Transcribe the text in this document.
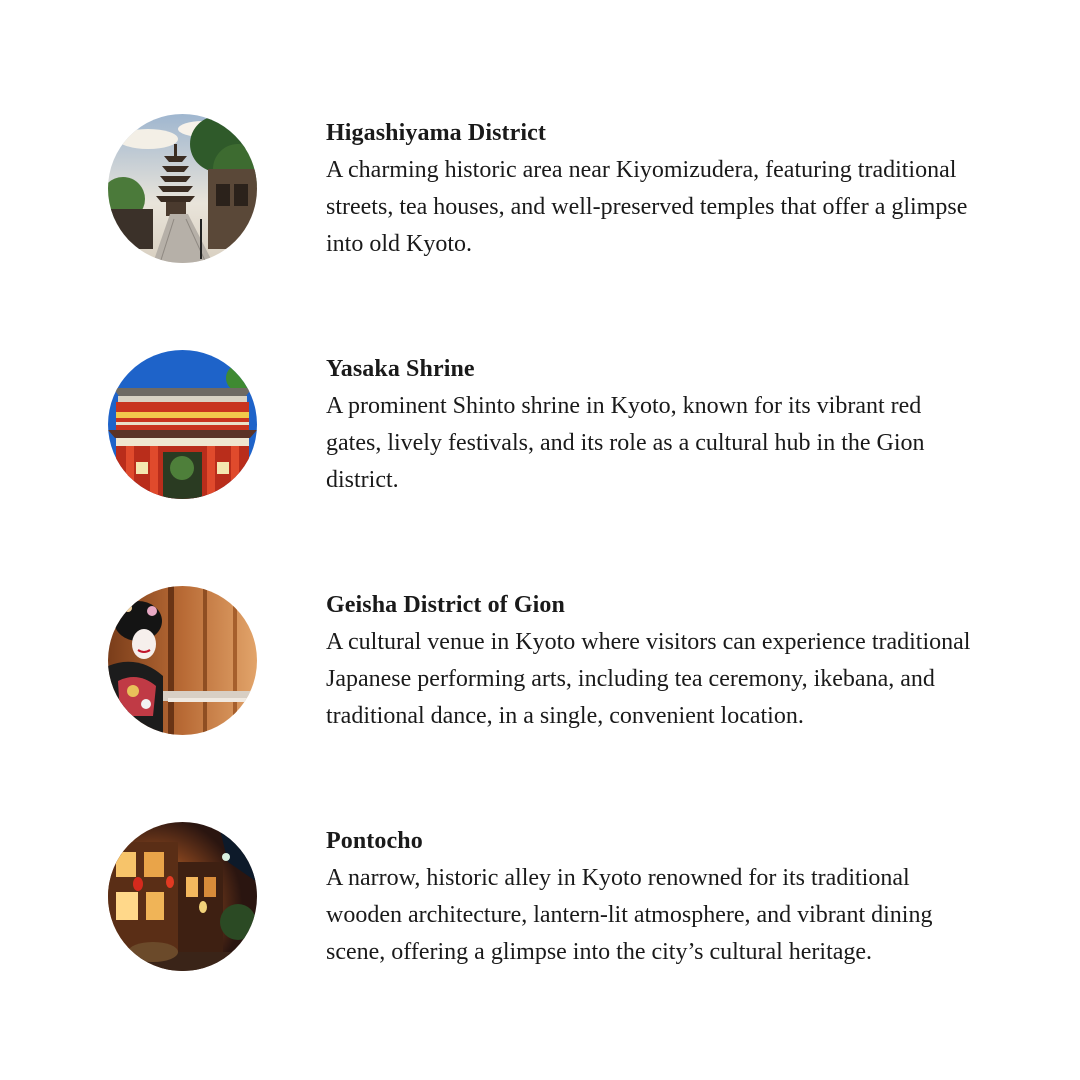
Higashiyama District

A charming historic area near Kiyomizudera, featuring traditional streets, tea houses, and well-preserved temples that offer a glimpse into old Kyoto.

Yasaka Shrine

A prominent Shinto shrine in Kyoto, known for its vibrant red gates, lively festivals, and its role as a cultural hub in the Gion district.

Geisha District of Gion

A cultural venue in Kyoto where visitors can experience traditional Japanese performing arts, including tea ceremony, ikebana, and traditional dance, in a single, convenient location.

Pontocho

A narrow, historic alley in Kyoto renowned for its traditional wooden architecture, lantern-lit atmosphere, and vibrant dining scene, offering a glimpse into the city’s cultural heritage.
